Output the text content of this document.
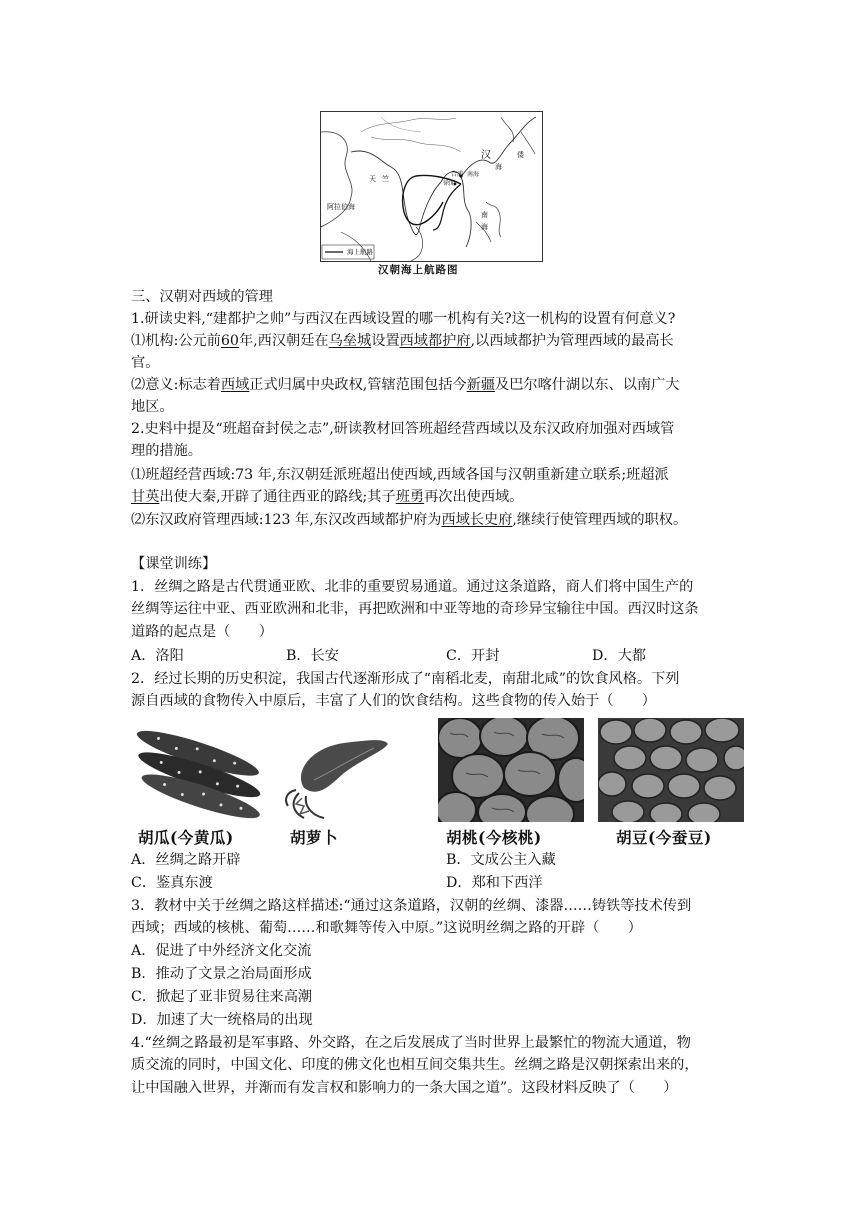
汉
海
倭
天竺
阿拉伯海
合浦
徐闻
南海
南
海
海上航路
汉朝海上航路图
三、汉朝对西域的管理
1.研读史料,“建都护之帅”与西汉在西域设置的哪一机构有关?这一机构的设置有何意义?
⑴机构:公元前60年,西汉朝廷在乌垒城设置西域都护府,以西域都护为管理西域的最高长
官。
⑵意义:标志着西域正式归属中央政权,管辖范围包括今新疆及巴尔喀什湖以东、以南广大
地区。
2.史料中提及“班超奋封侯之志”,研读教材回答班超经营西域以及东汉政府加强对西域管
理的措施。
⑴班超经营西域:73 年,东汉朝廷派班超出使西域,西域各国与汉朝重新建立联系;班超派
甘英出使大秦,开辟了通往西亚的路线;其子班勇再次出使西域。
⑵东汉政府管理西域:123 年,东汉改西域都护府为西域长史府,继续行使管理西域的职权。
【课堂训练】
1．丝绸之路是古代贯通亚欧、北非的重要贸易通道。通过这条道路，商人们将中国生产的
丝绸等运往中亚、西亚欧洲和北非，再把欧洲和中亚等地的奇珍异宝输往中国。西汉时这条
道路的起点是（　　）
A．洛阳	B．长安	C．开封	D．大都
2．经过长期的历史积淀，我国古代逐渐形成了“南稻北麦，南甜北咸”的饮食风格。下列
源自西域的食物传入中原后，丰富了人们的饮食结构。这些食物的传入始于（　　）
胡瓜(今黄瓜)	胡萝卜	胡桃(今核桃)	胡豆(今蚕豆)
A．丝绸之路开辟	B．文成公主入藏
C．鉴真东渡	D．郑和下西洋
3．教材中关于丝绸之路这样描述:“通过这条道路，汉朝的丝绸、漆器……铸铁等技术传到
西域；西域的核桃、葡萄……和歌舞等传入中原。”这说明丝绸之路的开辟（　　）
A．促进了中外经济文化交流
B．推动了文景之治局面形成
C．掀起了亚非贸易往来高潮
D．加速了大一统格局的出现
4.“丝绸之路最初是军事路、外交路，在之后发展成了当时世界上最繁忙的物流大通道，物
质交流的同时，中国文化、印度的佛文化也相互间交集共生。丝绸之路是汉朝探索出来的，
让中国融入世界，并渐而有发言权和影响力的一条大国之道”。这段材料反映了（　　）
